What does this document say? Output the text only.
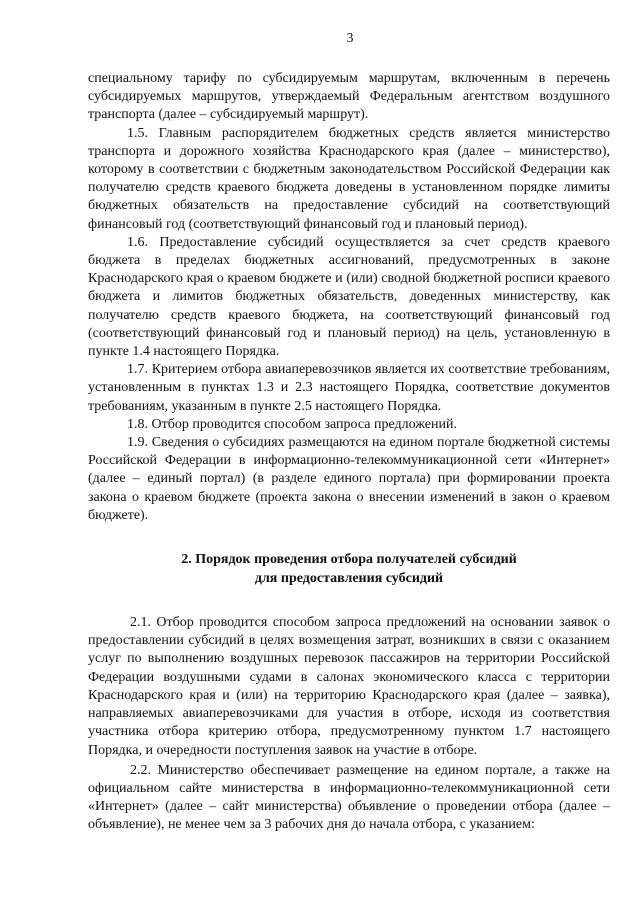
3

специальному тарифу по субсидируемым маршрутам, включенным в перечень субсидируемых маршрутов, утверждаемый Федеральным агентством воздушного транспорта (далее – субсидируемый маршрут).

1.5. Главным распорядителем бюджетных средств является министерство транспорта и дорожного хозяйства Краснодарского края (далее – министерство), которому в соответствии с бюджетным законодательством Российской Федерации как получателю средств краевого бюджета доведены в установленном порядке лимиты бюджетных обязательств на предоставление субсидий на соответствующий финансовый год (соответствующий финансовый год и плановый период).

1.6. Предоставление субсидий осуществляется за счет средств краевого бюджета в пределах бюджетных ассигнований, предусмотренных в законе Краснодарского края о краевом бюджете и (или) сводной бюджетной росписи краевого бюджета и лимитов бюджетных обязательств, доведенных министерству, как получателю средств краевого бюджета, на соответствующий финансовый год (соответствующий финансовый год и плановый период) на цель, установленную в пункте 1.4 настоящего Порядка.

1.7. Критерием отбора авиаперевозчиков является их соответствие требованиям, установленным в пунктах 1.3 и 2.3 настоящего Порядка, соответствие документов требованиям, указанным в пункте 2.5 настоящего Порядка.

1.8. Отбор проводится способом запроса предложений.

1.9. Сведения о субсидиях размещаются на едином портале бюджетной системы Российской Федерации в информационно-телекоммуникационной сети «Интернет» (далее – единый портал) (в разделе единого портала) при формировании проекта закона о краевом бюджете (проекта закона о внесении изменений в закон о краевом бюджете).

2. Порядок проведения отбора получателей субсидий
для предоставления субсидий

2.1. Отбор проводится способом запроса предложений на основании заявок о предоставлении субсидий в целях возмещения затрат, возникших в связи с оказанием услуг по выполнению воздушных перевозок пассажиров на территории Российской Федерации воздушными судами в салонах экономического класса с территории Краснодарского края и (или) на территорию Краснодарского края (далее – заявка), направляемых авиаперевозчиками для участия в отборе, исходя из соответствия участника отбора критерию отбора, предусмотренному пунктом 1.7 настоящего Порядка, и очередности поступления заявок на участие в отборе.

2.2. Министерство обеспечивает размещение на едином портале, а также на официальном сайте министерства в информационно-телекоммуникационной сети «Интернет» (далее – сайт министерства) объявление о проведении отбора (далее – объявление), не менее чем за 3 рабочих дня до начала отбора, с указанием:
